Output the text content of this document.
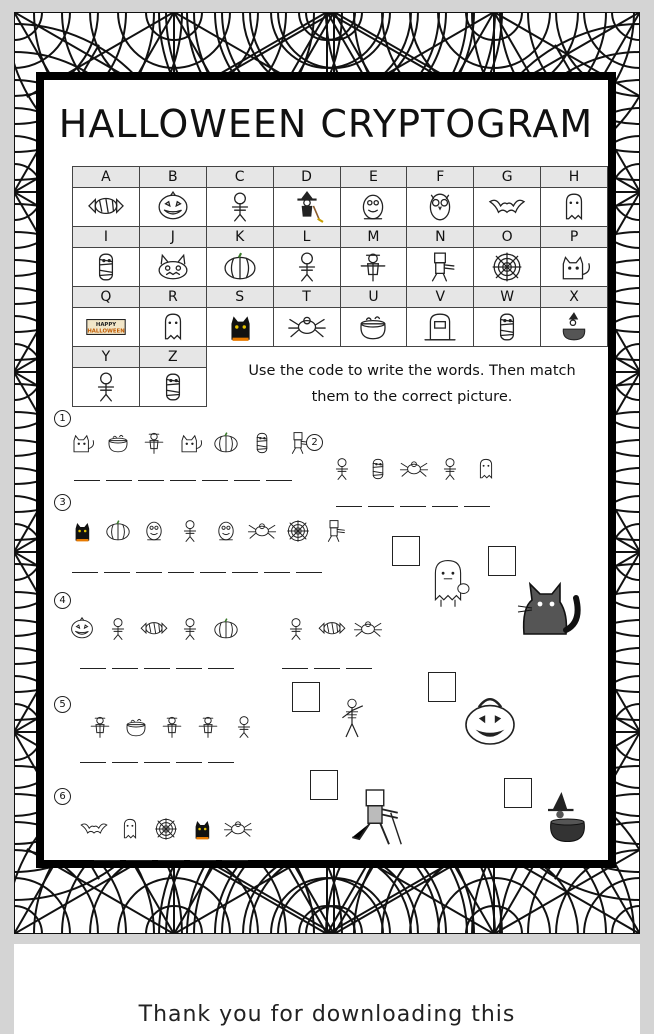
HALLOWEEN CRYPTOGRAM
A	B	C	D	E	F	G	H

I	J	K	L	M	N	O	P

Q	R	S	T	U	V	W	X

HAPPY
HALLOWEEN

Y	Z						

Use the code to write the words. Then match them to the correct picture.
1
2
3
4
5
6
Thank you for downloading this
